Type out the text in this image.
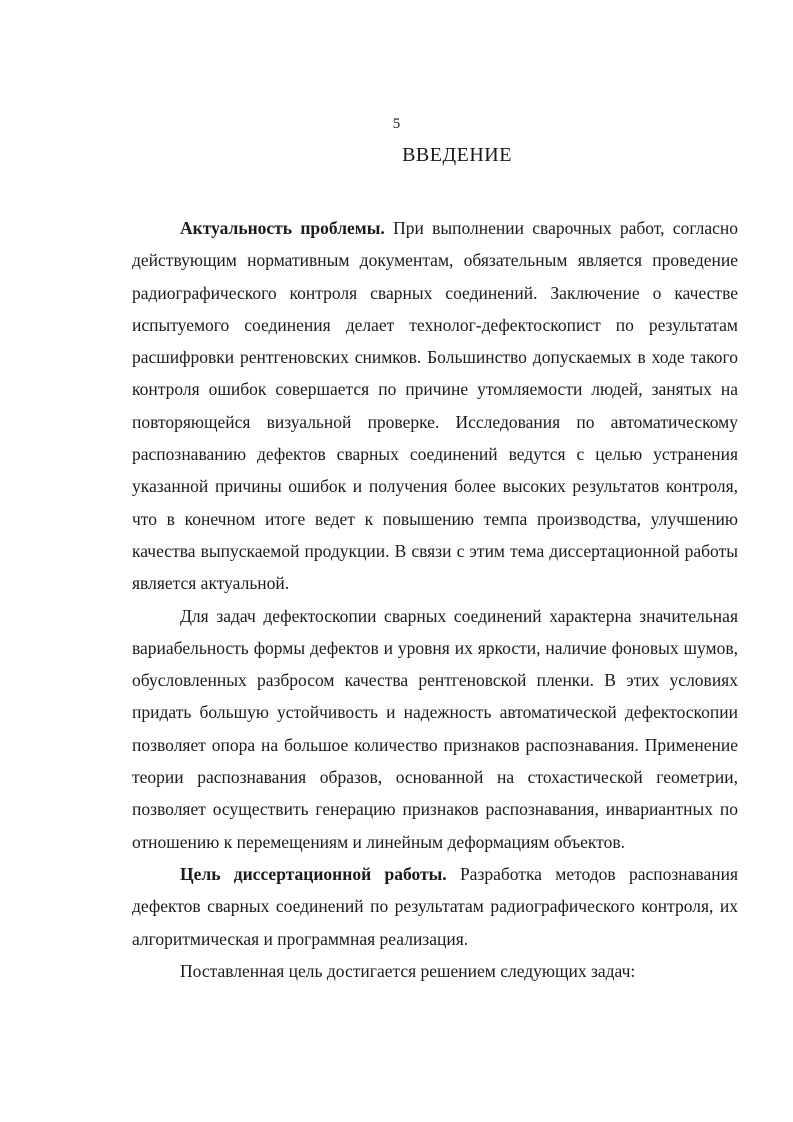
5
ВВЕДЕНИЕ

Актуальность проблемы. При выполнении сварочных работ, согласно действующим нормативным документам, обязательным является проведение радиографического контроля сварных соединений. Заключение о качестве испытуемого соединения делает технолог-дефектоскопист по результатам расшифровки рентгеновских снимков. Большинство допускаемых в ходе такого контроля ошибок совершается по причине утомляемости людей, занятых на повторяющейся визуальной проверке. Исследования по автоматическому распознаванию дефектов сварных соединений ведутся с целью устранения указанной причины ошибок и получения более высоких результатов контроля, что в конечном итоге ведет к повышению темпа производства, улучшению качества выпускаемой продукции. В связи с этим тема диссертационной работы является актуальной.

Для задач дефектоскопии сварных соединений характерна значительная вариабельность формы дефектов и уровня их яркости, наличие фоновых шумов, обусловленных разбросом качества рентгеновской пленки. В этих условиях придать большую устойчивость и надежность автоматической дефектоскопии позволяет опора на большое количество признаков распознавания. Применение теории распознавания образов, основанной на стохастической геометрии, позволяет осуществить генерацию признаков распознавания, инвариантных по отношению к перемещениям и линейным деформациям объектов.

Цель диссертационной работы. Разработка методов распознавания дефектов сварных соединений по результатам радиографического контроля, их алгоритмическая и программная реализация.

Поставленная цель достигается решением следующих задач:
